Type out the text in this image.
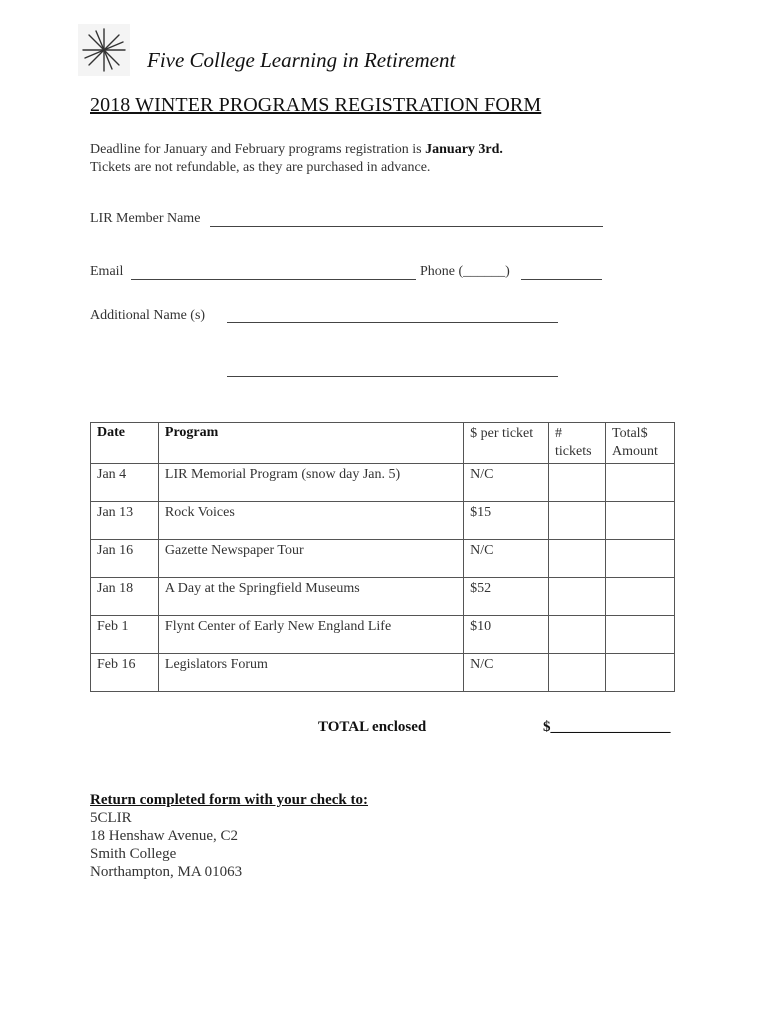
Five College Learning in Retirement
2018 WINTER PROGRAMS REGISTRATION FORM
Deadline for January and February programs registration is January 3rd.
Tickets are not refundable, as they are purchased in advance.
LIR Member Name
Email	Phone (______)
Additional Name (s)
Date	Program	$ per ticket	# tickets	Total$ Amount
Jan 4	LIR Memorial Program (snow day Jan. 5)	N/C		
Jan 13	Rock Voices	$15		
Jan 16	Gazette Newspaper Tour	N/C		
Jan 18	A Day at the Springfield Museums	$52		
Feb 1	Flynt Center of Early New England Life	$10		
Feb 16	Legislators Forum	N/C		
TOTAL enclosed	$________________
Return completed form with your check to:
5CLIR
18 Henshaw Avenue, C2
Smith College
Northampton, MA 01063
